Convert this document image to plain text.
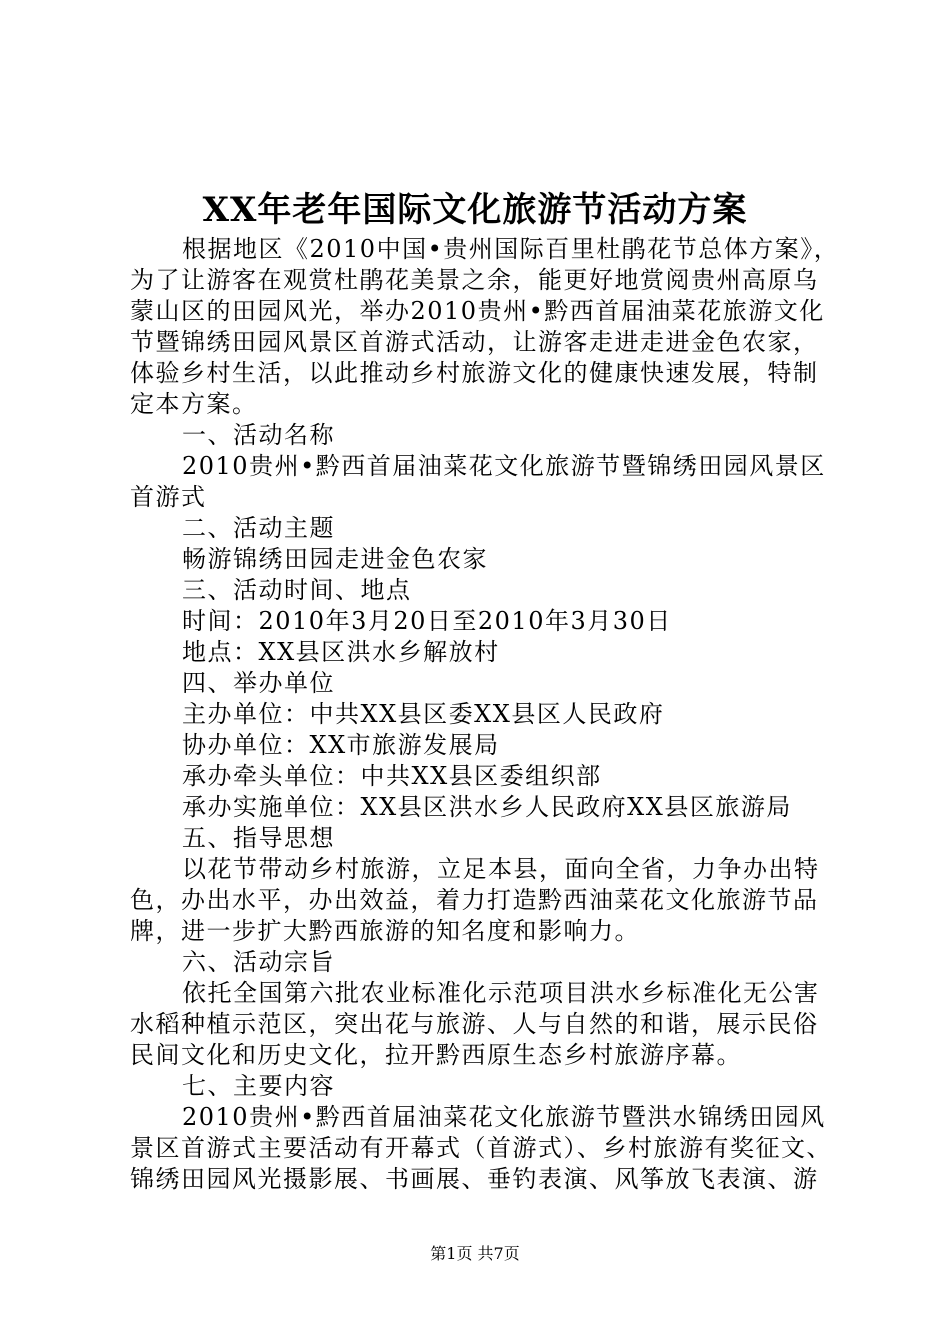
XX年老年国际文化旅游节活动方案
根据地区《2010中国•贵州国际百里杜鹃花节总体方案》，
为了让游客在观赏杜鹃花美景之余，能更好地赏阅贵州高原乌
蒙山区的田园风光，举办2010贵州•黔西首届油菜花旅游文化
节暨锦绣田园风景区首游式活动，让游客走进走进金色农家，
体验乡村生活，以此推动乡村旅游文化的健康快速发展，特制
定本方案。
一、活动名称
2010贵州•黔西首届油菜花文化旅游节暨锦绣田园风景区
首游式
二、活动主题
畅游锦绣田园走进金色农家
三、活动时间、地点
时间：2010年3月20日至2010年3月30日
地点：XX县区洪水乡解放村
四、举办单位
主办单位：中共XX县区委XX县区人民政府
协办单位：XX市旅游发展局
承办牵头单位：中共XX县区委组织部
承办实施单位：XX县区洪水乡人民政府XX县区旅游局
五、指导思想
以花节带动乡村旅游，立足本县，面向全省，力争办出特
色，办出水平，办出效益，着力打造黔西油菜花文化旅游节品
牌，进一步扩大黔西旅游的知名度和影响力。
六、活动宗旨
依托全国第六批农业标准化示范项目洪水乡标准化无公害
水稻种植示范区，突出花与旅游、人与自然的和谐，展示民俗
民间文化和历史文化，拉开黔西原生态乡村旅游序幕。
七、主要内容
2010贵州•黔西首届油菜花文化旅游节暨洪水锦绣田园风
景区首游式主要活动有开幕式（首游式）、乡村旅游有奖征文、
锦绣田园风光摄影展、书画展、垂钓表演、风筝放飞表演、游
第1页 共7页
